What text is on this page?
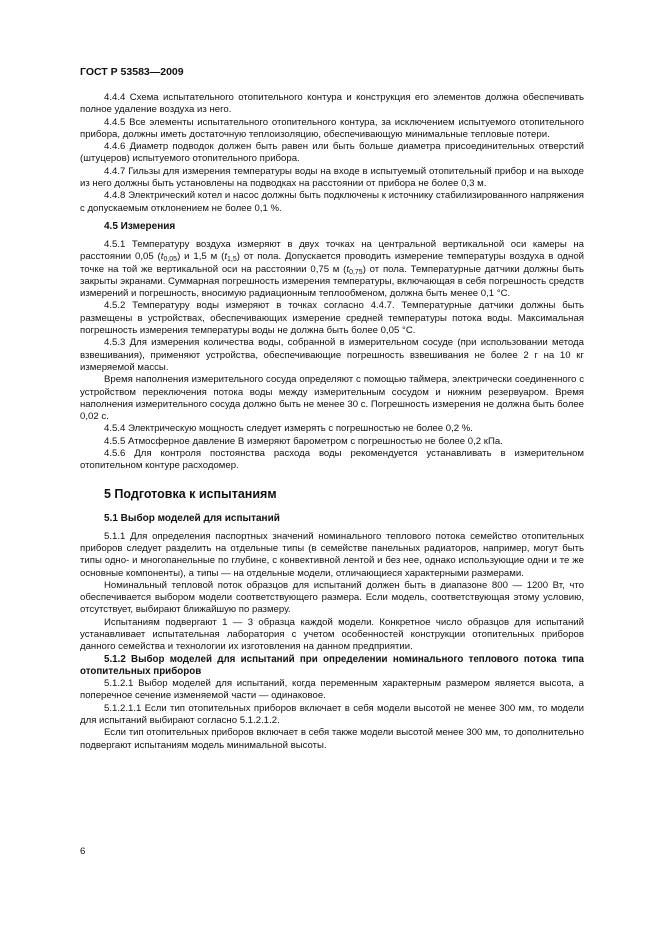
ГОСТ Р 53583—2009

4.4.4 Схема испытательного отопительного контура и конструкция его элементов должна обеспечивать полное удаление воздуха из него.

4.4.5 Все элементы испытательного отопительного контура, за исключением испытуемого отопительного прибора, должны иметь достаточную теплоизоляцию, обеспечивающую минимальные тепловые потери.

4.4.6 Диаметр подводок должен быть равен или быть больше диаметра присоединительных отверстий (штуцеров) испытуемого отопительного прибора.

4.4.7 Гильзы для измерения температуры воды на входе в испытуемый отопительный прибор и на выходе из него должны быть установлены на подводках на расстоянии от прибора не более 0,3 м.

4.4.8 Электрический котел и насос должны быть подключены к источнику стабилизированного напряжения с допускаемым отклонением не более 0,1 %.

4.5 Измерения

4.5.1 Температуру воздуха измеряют в двух точках на центральной вертикальной оси камеры на расстоянии 0,05 $(t_{0,05})$ и 1,5 м $(t_{1,5})$ от пола. Допускается проводить измерение температуры воздуха в одной точке на той же вертикальной оси на расстоянии 0,75 м $(t_{0,75})$ от пола. Температурные датчики должны быть закрыты экранами. Суммарная погрешность измерения температуры, включающая в себя погрешность средств измерений и погрешность, вносимую радиационным теплообменом, должна быть менее 0,1 °С.

4.5.2 Температуру воды измеряют в точках согласно 4.4.7. Температурные датчики должны быть размещены в устройствах, обеспечивающих измерение средней температуры потока воды. Максимальная погрешность измерения температуры воды не должна быть более 0,05 °С.

4.5.3 Для измерения количества воды, собранной в измерительном сосуде (при использовании метода взвешивания), применяют устройства, обеспечивающие погрешность взвешивания не более 2 г на 10 кг измеряемой массы.

Время наполнения измерительного сосуда определяют с помощью таймера, электрически соединенного с устройством переключения потока воды между измерительным сосудом и нижним резервуаром. Время наполнения измерительного сосуда должно быть не менее 30 с. Погрешность измерения не должна быть более 0,02 с.

4.5.4 Электрическую мощность следует измерять с погрешностью не более 0,2 %.

4.5.5 Атмосферное давление В измеряют барометром с погрешностью не более 0,2 кПа.

4.5.6 Для контроля постоянства расхода воды рекомендуется устанавливать в измерительном отопительном контуре расходомер.

5 Подготовка к испытаниям
5.1 Выбор моделей для испытаний

5.1.1 Для определения паспортных значений номинального теплового потока семейство отопительных приборов следует разделить на отдельные типы (в семействе панельных радиаторов, например, могут быть типы одно- и многопанельные по глубине, с конвективной лентой и без нее, однако использующие одни и те же основные компоненты), а типы — на отдельные модели, отличающиеся характерными размерами.

Номинальный тепловой поток образцов для испытаний должен быть в диапазоне 800 — 1200 Вт, что обеспечивается выбором модели соответствующего размера. Если модель, соответствующая этому условию, отсутствует, выбирают ближайшую по размеру.

Испытаниям подвергают 1 — 3 образца каждой модели. Конкретное число образцов для испытаний устанавливает испытательная лаборатория с учетом особенностей конструкции отопительных приборов данного семейства и технологии их изготовления на данном предприятии.

5.1.2 Выбор моделей для испытаний при определении номинального теплового потока типа отопительных приборов

5.1.2.1 Выбор моделей для испытаний, когда переменным характерным размером является высота, а поперечное сечение изменяемой части — одинаковое.

5.1.2.1.1 Если тип отопительных приборов включает в себя модели высотой не менее 300 мм, то модели для испытаний выбирают согласно 5.1.2.1.2.

Если тип отопительных приборов включает в себя также модели высотой менее 300 мм, то дополнительно подвергают испытаниям модель минимальной высоты.

6
